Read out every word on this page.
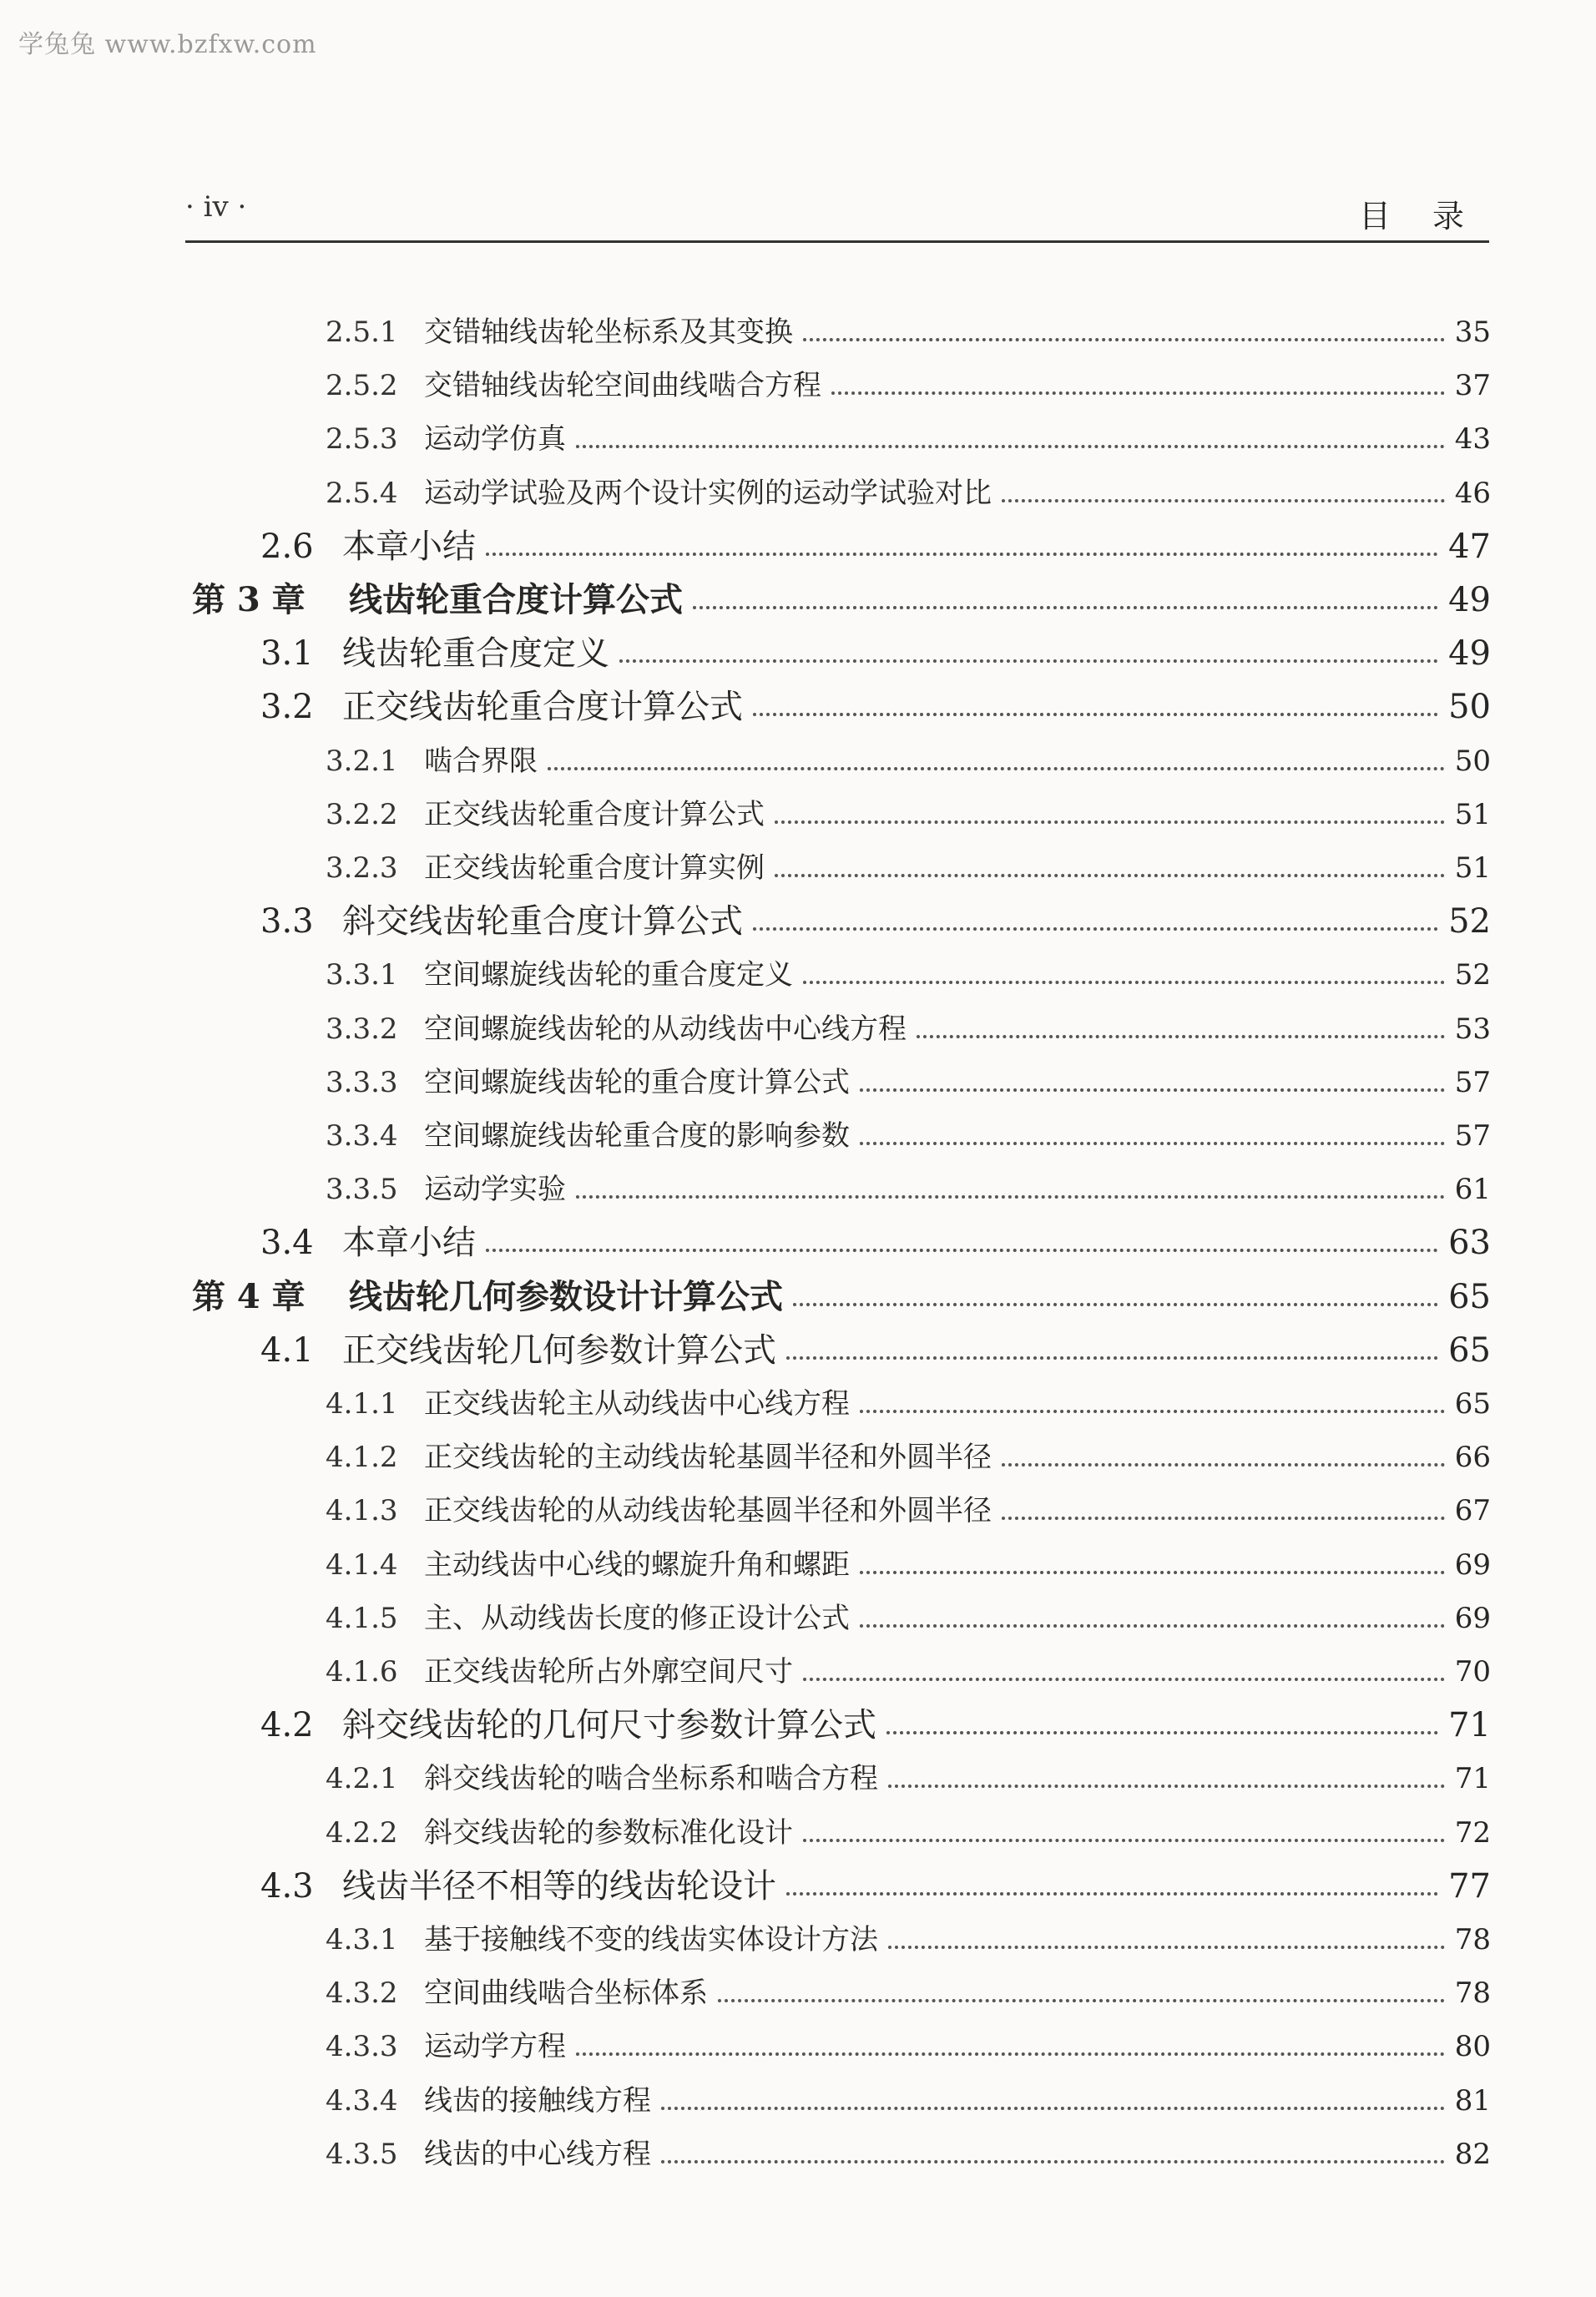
学兔兔 www.bzfxw.com
· iv ·	目录
2.5.1 交错轴线齿轮坐标系及其变换	35
2.5.2 交错轴线齿轮空间曲线啮合方程	37
2.5.3 运动学仿真	43
2.5.4 运动学试验及两个设计实例的运动学试验对比	46
2.6 本章小结	47
第 3 章	线齿轮重合度计算公式	49
3.1 线齿轮重合度定义	49
3.2 正交线齿轮重合度计算公式	50
3.2.1 啮合界限	50
3.2.2 正交线齿轮重合度计算公式	51
3.2.3 正交线齿轮重合度计算实例	51
3.3 斜交线齿轮重合度计算公式	52
3.3.1 空间螺旋线齿轮的重合度定义	52
3.3.2 空间螺旋线齿轮的从动线齿中心线方程	53
3.3.3 空间螺旋线齿轮的重合度计算公式	57
3.3.4 空间螺旋线齿轮重合度的影响参数	57
3.3.5 运动学实验	61
3.4 本章小结	63
第 4 章	线齿轮几何参数设计计算公式	65
4.1 正交线齿轮几何参数计算公式	65
4.1.1 正交线齿轮主从动线齿中心线方程	65
4.1.2 正交线齿轮的主动线齿轮基圆半径和外圆半径	66
4.1.3 正交线齿轮的从动线齿轮基圆半径和外圆半径	67
4.1.4 主动线齿中心线的螺旋升角和螺距	69
4.1.5 主、从动线齿长度的修正设计公式	69
4.1.6 正交线齿轮所占外廓空间尺寸	70
4.2 斜交线齿轮的几何尺寸参数计算公式	71
4.2.1 斜交线齿轮的啮合坐标系和啮合方程	71
4.2.2 斜交线齿轮的参数标准化设计	72
4.3 线齿半径不相等的线齿轮设计	77
4.3.1 基于接触线不变的线齿实体设计方法	78
4.3.2 空间曲线啮合坐标体系	78
4.3.3 运动学方程	80
4.3.4 线齿的接触线方程	81
4.3.5 线齿的中心线方程	82
